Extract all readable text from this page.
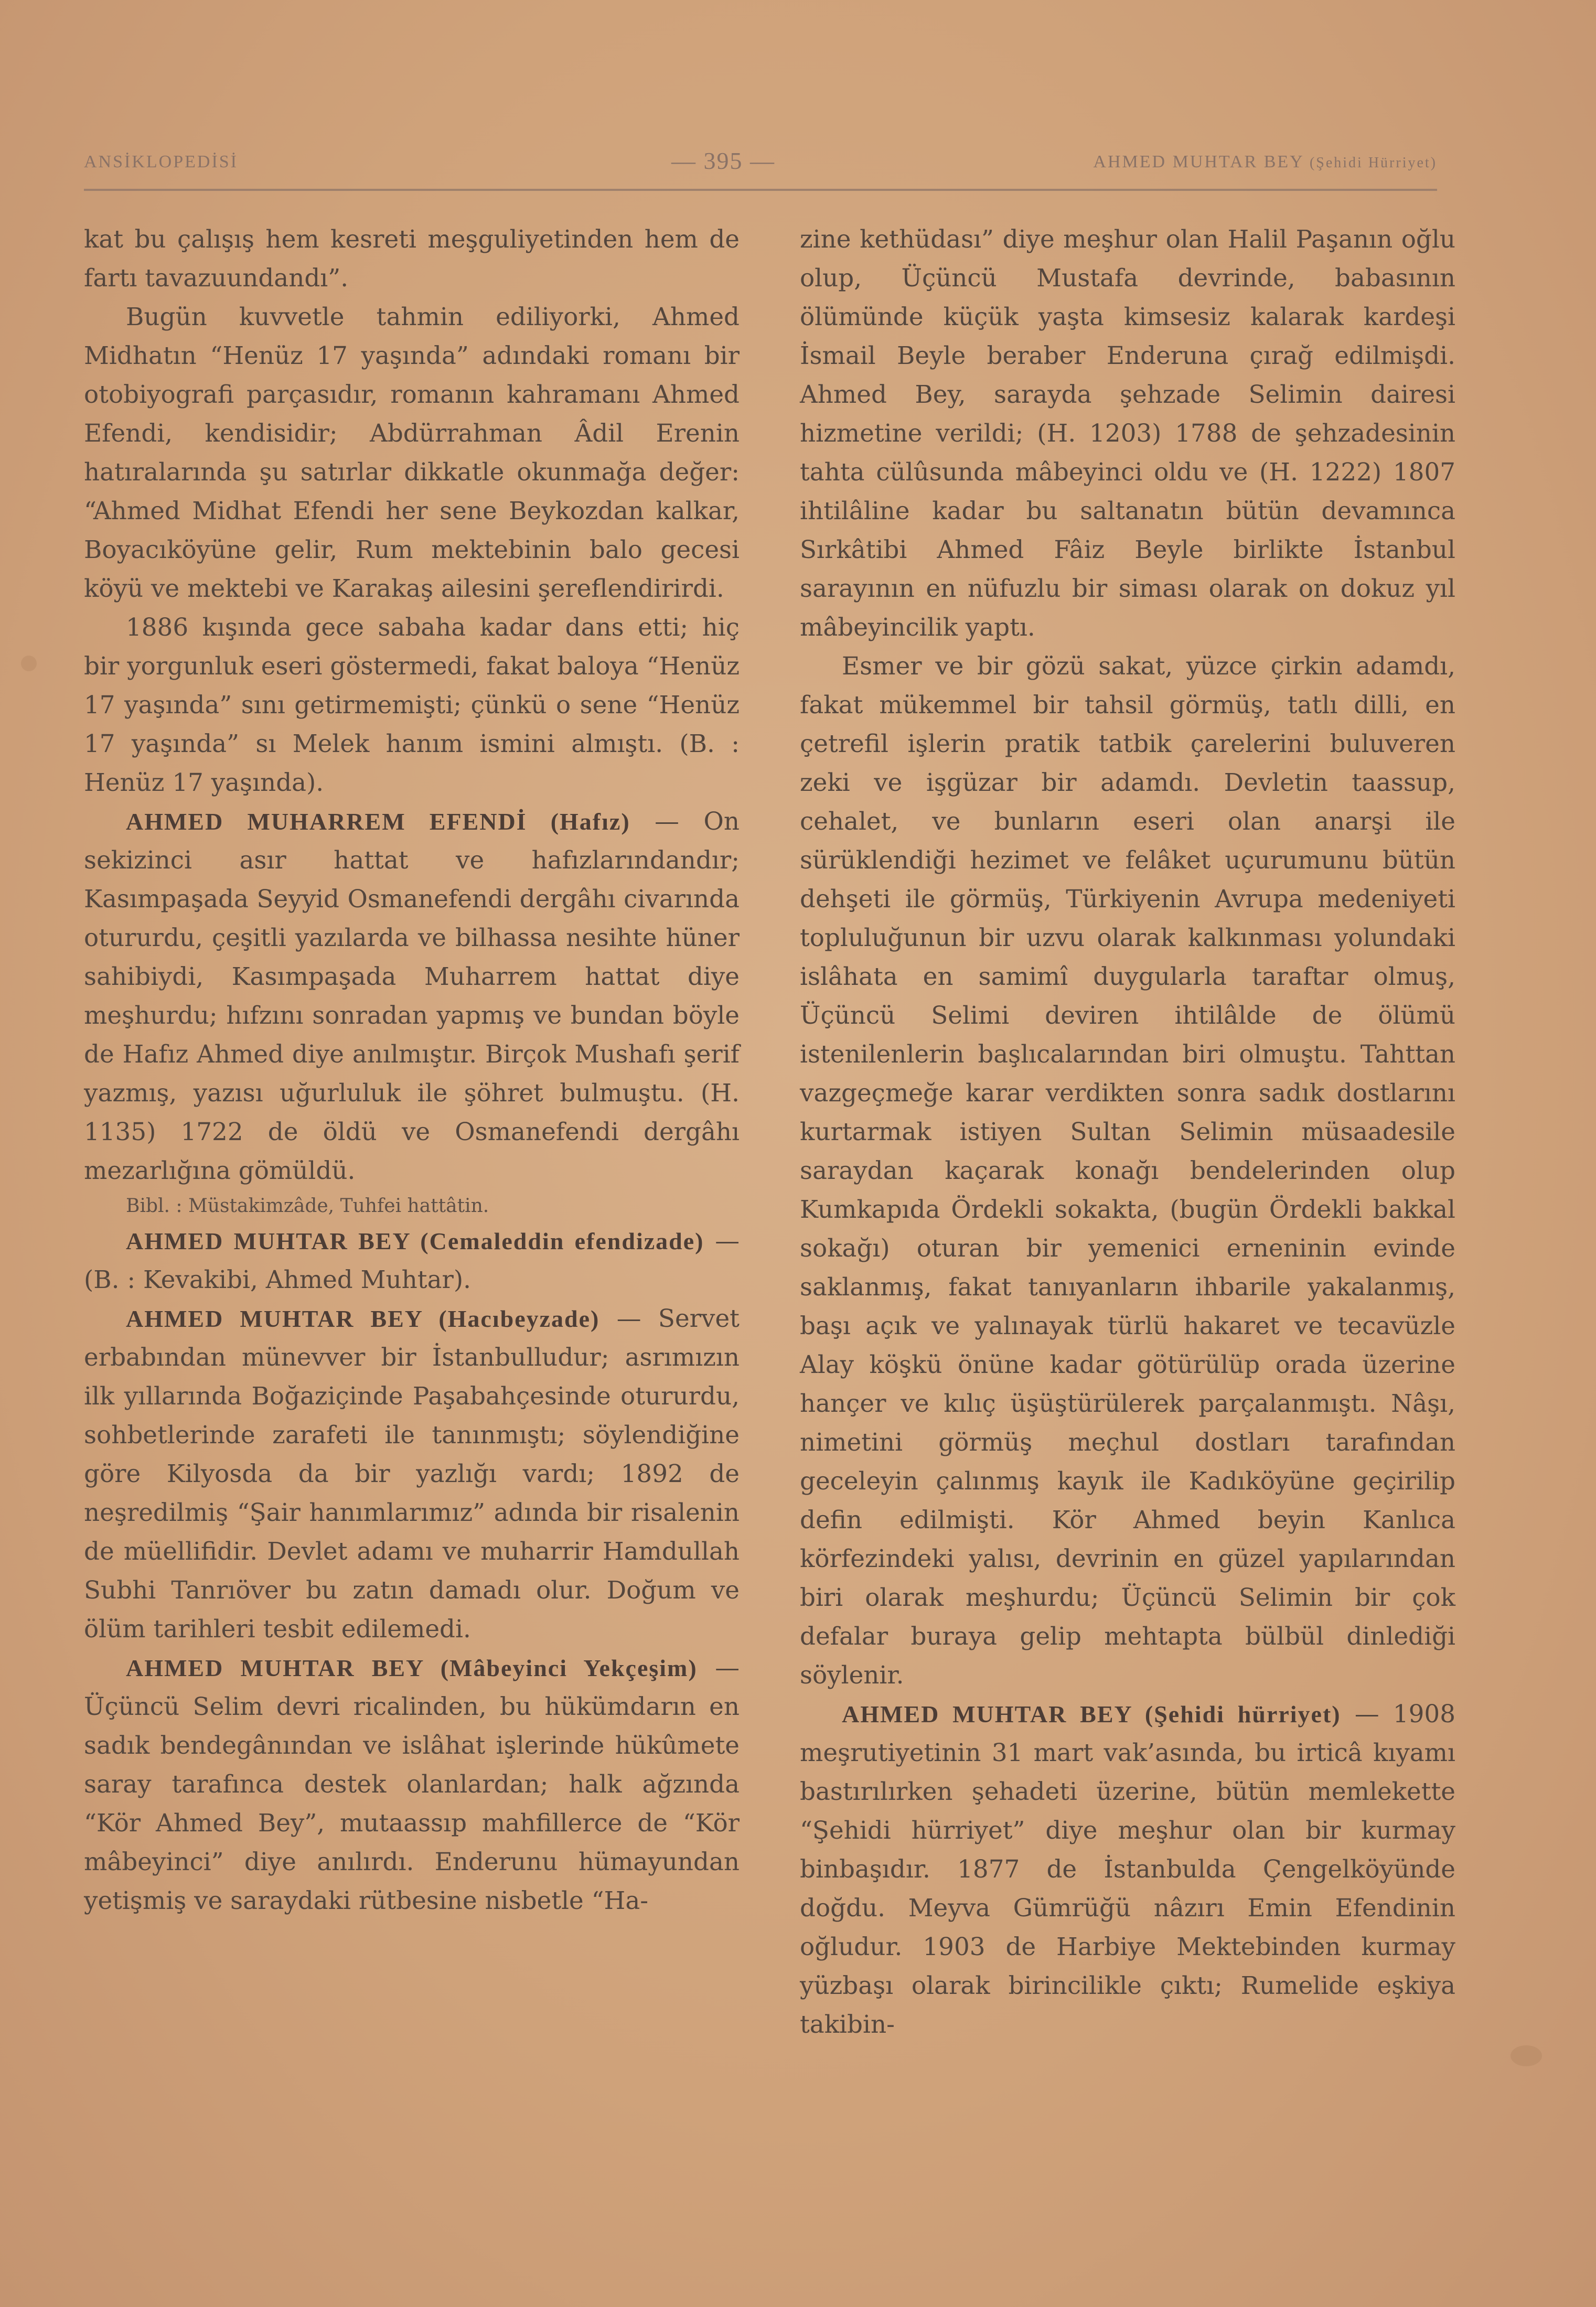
ANSİKLOPEDİSİ	— 395 —	AHMED MUHTAR BEY (Şehidi Hürriyet)

kat bu çalışış hem kesreti meşguliyetinden hem de fartı tavazuundandı”.

Bugün kuvvetle tahmin ediliyorki, Ahmed Midhatın “Henüz 17 yaşında” adındaki romanı bir otobiyografi parçasıdır, romanın kahramanı Ahmed Efendi, kendisidir; Abdürrahman Âdil Erenin hatıralarında şu satırlar dikkatle okunmağa değer: “Ahmed Midhat Efendi her sene Beykozdan kalkar, Boyacıköyüne gelir, Rum mektebinin balo gecesi köyü ve mektebi ve Karakaş ailesini şereflendirirdi.

1886 kışında gece sabaha kadar dans etti; hiç bir yorgunluk eseri göstermedi, fakat baloya “Henüz 17 yaşında” sını getirmemişti; çünkü o sene “Henüz 17 yaşında” sı Melek hanım ismini almıştı. (B. : Henüz 17 yaşında).

AHMED MUHARREM EFENDİ (Hafız) — On sekizinci asır hattat ve hafızlarındandır; Kasımpaşada Seyyid Osmanefendi dergâhı civarında otururdu, çeşitli yazılarda ve bilhassa nesihte hüner sahibiydi, Kasımpaşada Muharrem hattat diye meşhurdu; hıfzını sonradan yapmış ve bundan böyle de Hafız Ahmed diye anılmıştır. Birçok Mushafı şerif yazmış, yazısı uğurluluk ile şöhret bulmuştu. (H. 1135) 1722 de öldü ve Osmanefendi dergâhı mezarlığına gömüldü.

Bibl. : Müstakimzâde, Tuhfei hattâtin.

AHMED MUHTAR BEY (Cemaleddin efendizade) — (B. : Kevakibi, Ahmed Muhtar).

AHMED MUHTAR BEY (Hacıbeyzade) — Servet erbabından münevver bir İstanbulludur; asrımızın ilk yıllarında Boğaziçinde Paşabahçesinde otururdu, sohbetlerinde zarafeti ile tanınmıştı; söylendiğine göre Kilyosda da bir yazlığı vardı; 1892 de neşredilmiş “Şair hanımlarımız” adında bir risalenin de müellifidir. Devlet adamı ve muharrir Hamdullah Subhi Tanrıöver bu zatın damadı olur. Doğum ve ölüm tarihleri tesbit edilemedi.

AHMED MUHTAR BEY (Mâbeyinci Yekçeşim) — Üçüncü Selim devri ricalinden, bu hükümdarın en sadık bendegânından ve islâhat işlerinde hükûmete saray tarafınca destek olanlardan; halk ağzında “Kör Ahmed Bey”, mutaassıp mahfillerce de “Kör mâbeyinci” diye anılırdı. Enderunu hümayundan yetişmiş ve saraydaki rütbesine nisbetle “Ha-

zine kethüdası” diye meşhur olan Halil Paşanın oğlu olup, Üçüncü Mustafa devrinde, babasının ölümünde küçük yaşta kimsesiz kalarak kardeşi İsmail Beyle beraber Enderuna çırağ edilmişdi. Ahmed Bey, sarayda şehzade Selimin dairesi hizmetine verildi; (H. 1203) 1788 de şehzadesinin tahta cülûsunda mâbeyinci oldu ve (H. 1222) 1807 ihtilâline kadar bu saltanatın bütün devamınca Sırkâtibi Ahmed Fâiz Beyle birlikte İstanbul sarayının en nüfuzlu bir siması olarak on dokuz yıl mâbeyincilik yaptı.

Esmer ve bir gözü sakat, yüzce çirkin adamdı, fakat mükemmel bir tahsil görmüş, tatlı dilli, en çetrefil işlerin pratik tatbik çarelerini buluveren zeki ve işgüzar bir adamdı. Devletin taassup, cehalet, ve bunların eseri olan anarşi ile sürüklendiği hezimet ve felâket uçurumunu bütün dehşeti ile görmüş, Türkiyenin Avrupa medeniyeti topluluğunun bir uzvu olarak kalkınması yolundaki islâhata en samimî duygularla taraftar olmuş, Üçüncü Selimi deviren ihtilâlde de ölümü istenilenlerin başlıcalarından biri olmuştu. Tahttan vazgeçmeğe karar verdikten sonra sadık dostlarını kurtarmak istiyen Sultan Selimin müsaadesile saraydan kaçarak konağı bendelerinden olup Kumkapıda Ördekli sokakta, (bugün Ördekli bakkal sokağı) oturan bir yemenici erneninin evinde saklanmış, fakat tanıyanların ihbarile yakalanmış, başı açık ve yalınayak türlü hakaret ve tecavüzle Alay köşkü önüne kadar götürülüp orada üzerine hançer ve kılıç üşüştürülerek parçalanmıştı. Nâşı, nimetini görmüş meçhul dostları tarafından geceleyin çalınmış kayık ile Kadıköyüne geçirilip defin edilmişti. Kör Ahmed beyin Kanlıca körfezindeki yalısı, devrinin en güzel yapılarından biri olarak meşhurdu; Üçüncü Selimin bir çok defalar buraya gelip mehtapta bülbül dinlediği söylenir.

AHMED MUHTAR BEY (Şehidi hürriyet) — 1908 meşrutiyetinin 31 mart vak’asında, bu irticâ kıyamı bastırılırken şehadeti üzerine, bütün memlekette “Şehidi hürriyet” diye meşhur olan bir kurmay binbaşıdır. 1877 de İstanbulda Çengelköyünde doğdu. Meyva Gümrüğü nâzırı Emin Efendinin oğludur. 1903 de Harbiye Mektebinden kurmay yüzbaşı olarak birincilikle çıktı; Rumelide eşkiya takibin-
